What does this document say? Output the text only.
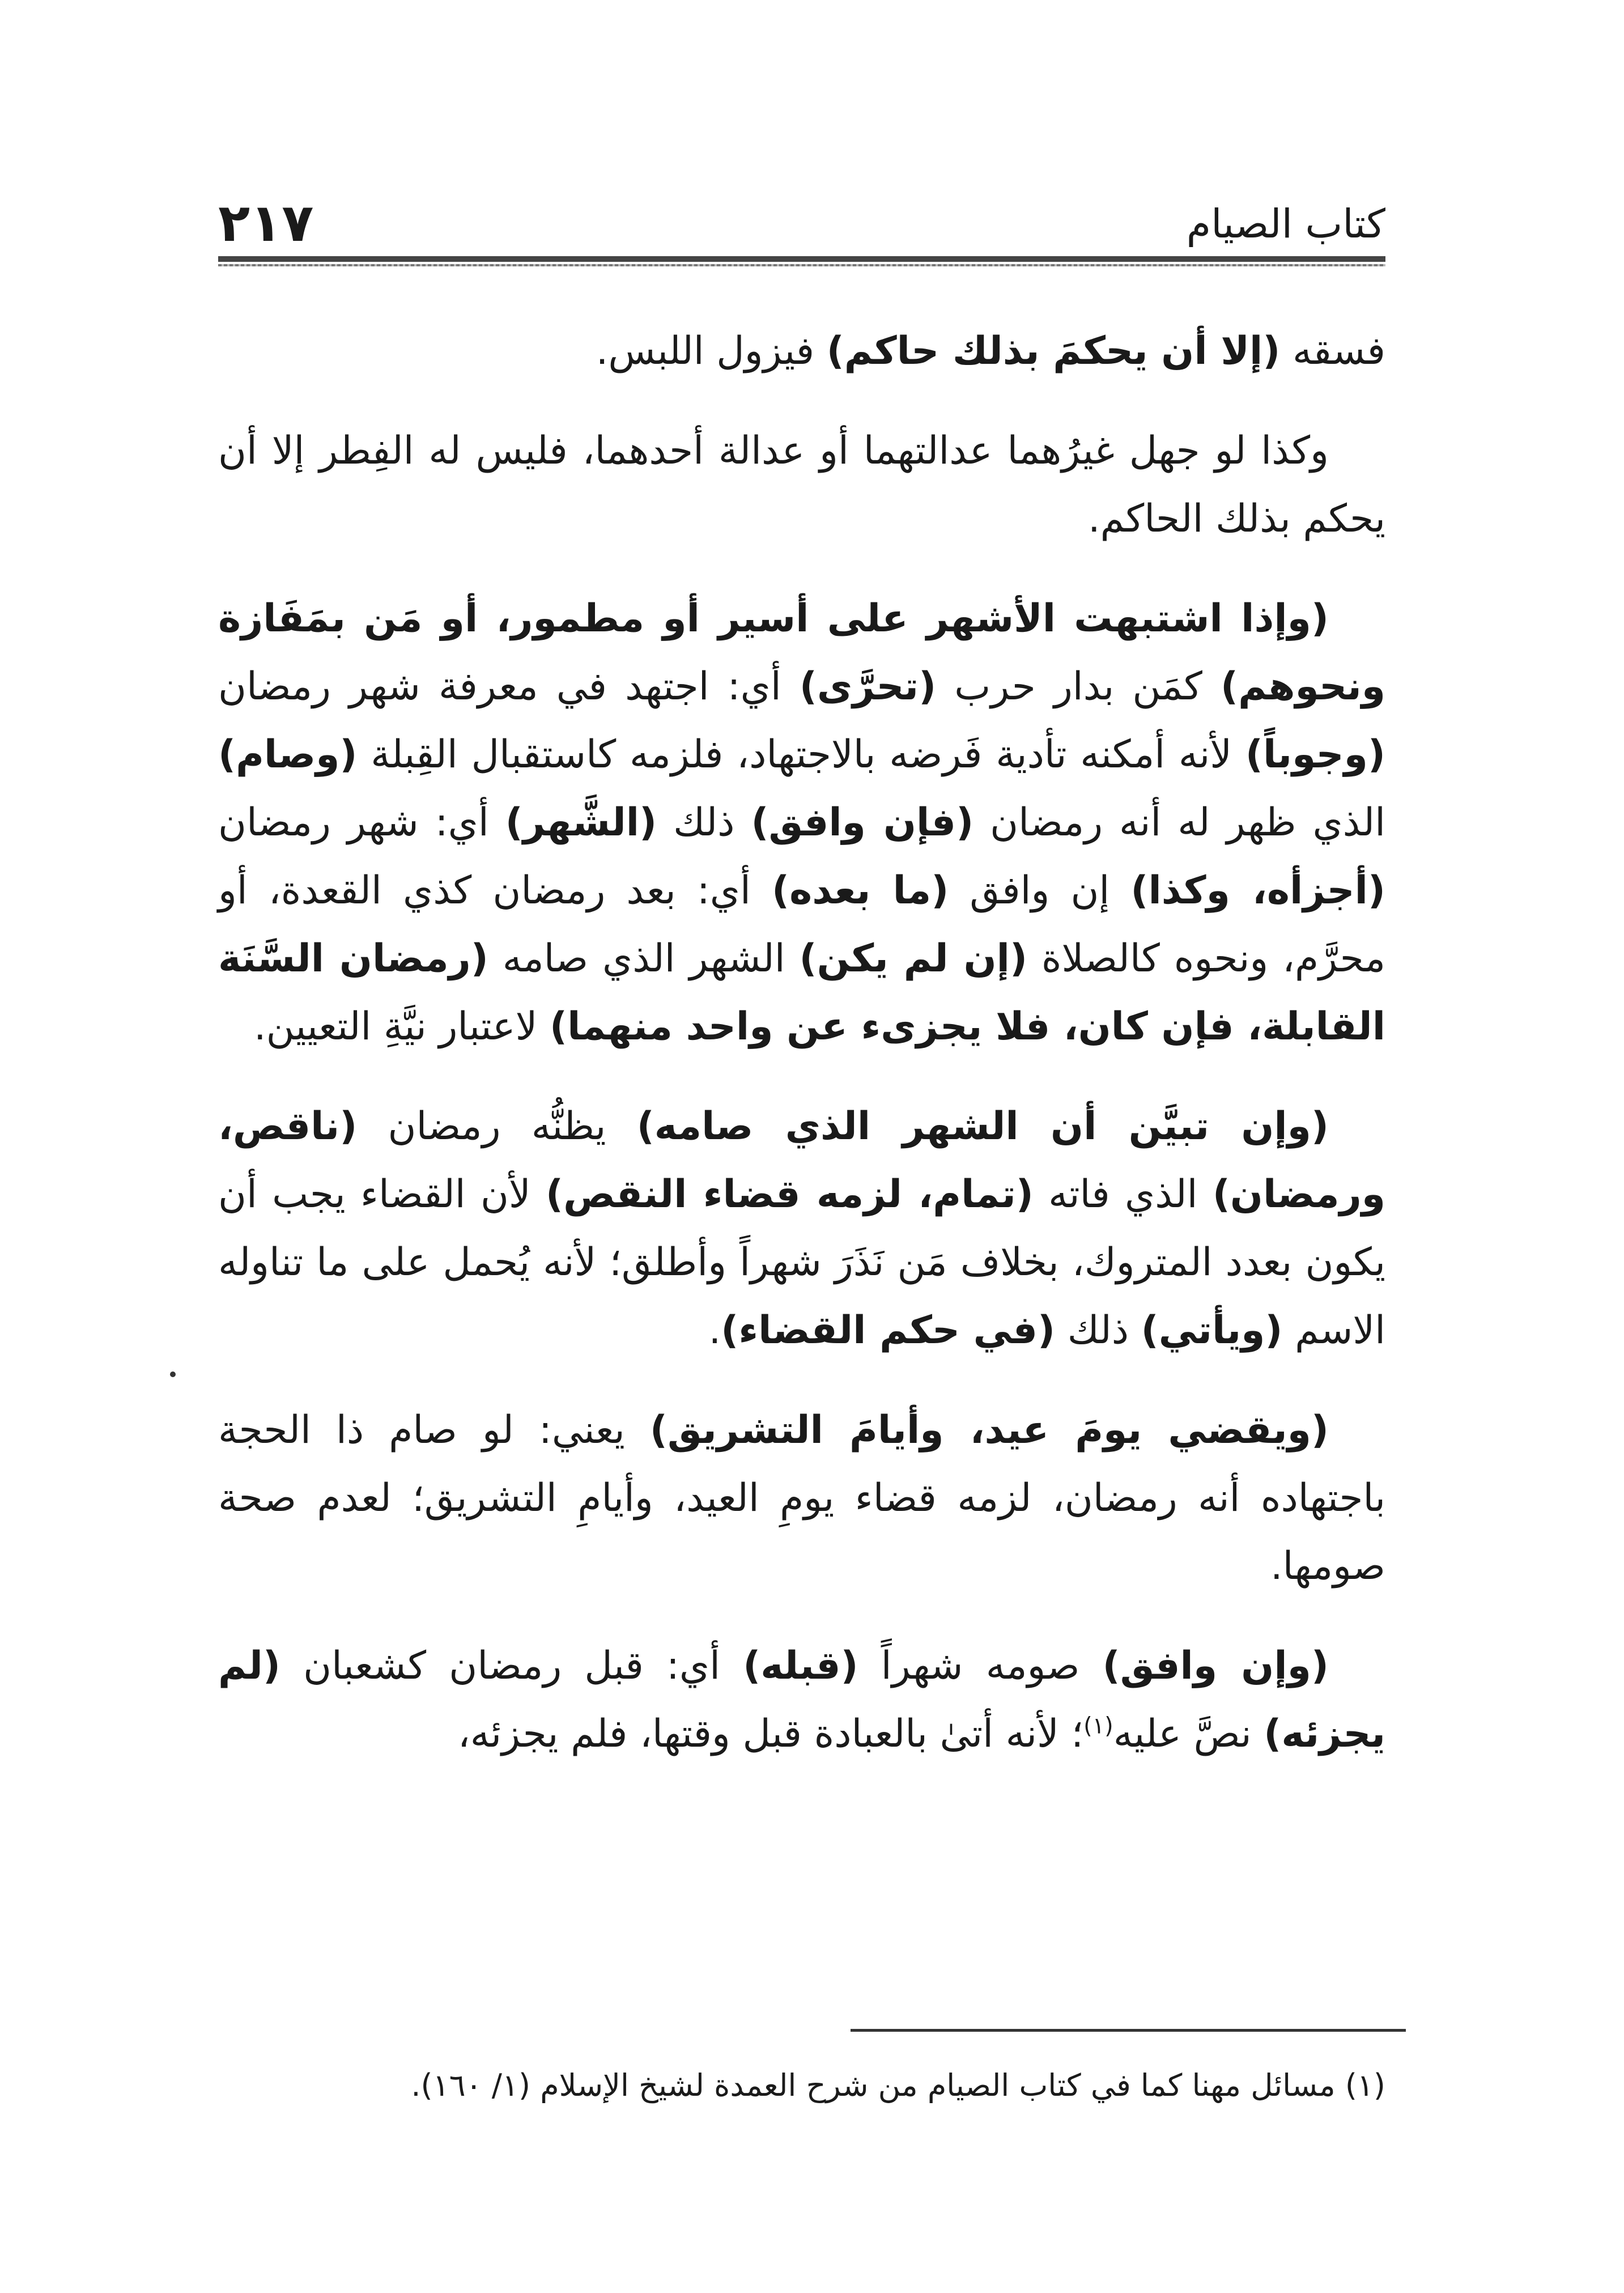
٢١٧	كتاب الصيام

فسقه (إلا أن يحكمَ بذلك حاكم) فيزول اللبس.

وكذا لو جهل غيرُهما عدالتهما أو عدالة أحدهما، فليس له الفِطر إلا أن يحكم بذلك الحاكم.

(وإذا اشتبهت الأشهر على أسير أو مطمور، أو مَن بمَفَازة ونحوهم) كمَن بدار حرب (تحرَّى) أي: اجتهد في معرفة شهر رمضان (وجوباً) لأنه أمكنه تأدية فَرضه بالاجتهاد، فلزمه كاستقبال القِبلة (وصام) الذي ظهر له أنه رمضان (فإن وافق) ذلك (الشَّهر) أي: شهر رمضان (أجزأه، وكذا) إن وافق (ما بعده) أي: بعد رمضان كذي القعدة، أو محرَّم، ونحوه كالصلاة (إن لم يكن) الشهر الذي صامه (رمضان السَّنَة القابلة، فإن كان، فلا يجزىء عن واحد منهما) لاعتبار نيَّةِ التعيين.

(وإن تبيَّن أن الشهر الذي صامه) يظنُّه رمضان (ناقص، ورمضان) الذي فاته (تمام، لزمه قضاء النقص) لأن القضاء يجب أن يكون بعدد المتروك، بخلاف مَن نَذَرَ شهراً وأطلق؛ لأنه يُحمل على ما تناوله الاسم (ويأتي) ذلك (في حكم القضاء).

(ويقضي يومَ عيد، وأيامَ التشريق) يعني: لو صام ذا الحجة باجتهاده أنه رمضان، لزمه قضاء يومِ العيد، وأيامِ التشريق؛ لعدم صحة صومها.

(وإن وافق) صومه شهراً (قبله) أي: قبل رمضان كشعبان (لم يجزئه) نصَّ عليه$^{(١)}$؛ لأنه أتىٰ بالعبادة قبل وقتها، فلم يجزئه،

(١) مسائل مهنا كما في كتاب الصيام من شرح العمدة لشيخ الإسلام (١/ ١٦٠).
